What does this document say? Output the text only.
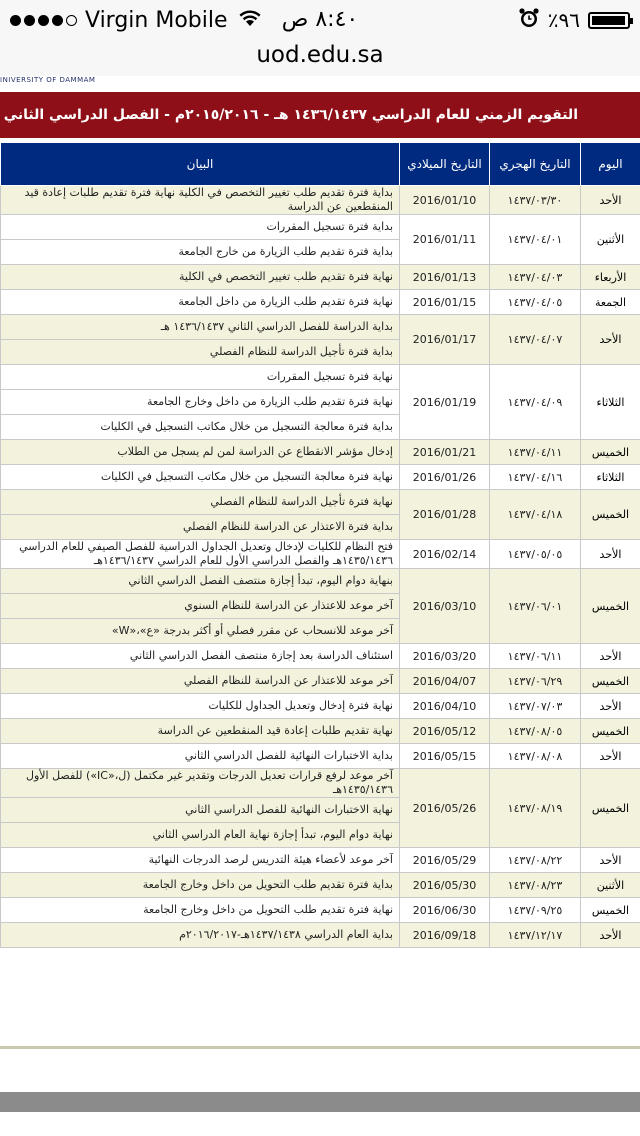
Virgin Mobile	٨:٤٠ ص	٪٩٦
uod.edu.sa
INIVERSITY OF DAMMAM
التقويم الزمني للعام الدراسي ١٤٣٦/١٤٣٧ هـ - ٢٠١٥/٢٠١٦م - الفصل الدراسي الثاني
اليوم	التاريخ الهجري	التاريخ الميلادي	البيان
الأحد	١٤٣٧/٠٣/٣٠	2016/01/10	بداية فترة تقديم طلب تغيير التخصص في الكلية نهاية فترة تقديم طلبات إعادة قيد المنقطعين عن الدراسة
الأثنين	١٤٣٧/٠٤/٠١	2016/01/11	بداية فترة تسجيل المقررات
			بداية فترة تقديم طلب الزيارة من خارج الجامعة
الأربعاء	١٤٣٧/٠٤/٠٣	2016/01/13	نهاية فترة تقديم طلب تغيير التخصص في الكلية
الجمعة	١٤٣٧/٠٤/٠٥	2016/01/15	نهاية فترة تقديم طلب الزيارة من داخل الجامعة
الأحد	١٤٣٧/٠٤/٠٧	2016/01/17	بداية الدراسة للفصل الدراسي الثاني ١٤٣٦/١٤٣٧ هـ
			بداية فترة تأجيل الدراسة للنظام الفصلي
الثلاثاء	١٤٣٧/٠٤/٠٩	2016/01/19	نهاية فترة تسجيل المقررات
			نهاية فترة تقديم طلب الزيارة من داخل وخارج الجامعة
			بداية فترة معالجة التسجيل من خلال مكاتب التسجيل في الكليات
الخميس	١٤٣٧/٠٤/١١	2016/01/21	إدخال مؤشر الانقطاع عن الدراسة لمن لم يسجل من الطلاب
الثلاثاء	١٤٣٧/٠٤/١٦	2016/01/26	نهاية فترة معالجة التسجيل من خلال مكاتب التسجيل في الكليات
الخميس	١٤٣٧/٠٤/١٨	2016/01/28	نهاية فترة تأجيل الدراسة للنظام الفصلي
			بداية فترة الاعتذار عن الدراسة للنظام الفصلي
الأحد	١٤٣٧/٠٥/٠٥	2016/02/14	فتح النظام للكليات لإدخال وتعديل الجداول الدراسية للفصل الصيفي للعام الدراسي ١٤٣٥/١٤٣٦هـ والفصل الدراسي الأول للعام الدراسي ١٤٣٦/١٤٣٧هـ
الخميس	١٤٣٧/٠٦/٠١	2016/03/10	بنهاية دوام اليوم، تبدأ إجازة منتصف الفصل الدراسي الثاني
			آخر موعد للاعتذار عن الدراسة للنظام السنوي
			آخر موعد للانسحاب عن مقرر فصلي أو أكثر بدرجة «ع»،«W»
الأحد	١٤٣٧/٠٦/١١	2016/03/20	استئناف الدراسة بعد إجازة منتصف الفصل الدراسي الثاني
الخميس	١٤٣٧/٠٦/٢٩	2016/04/07	آخر موعد للاعتذار عن الدراسة للنظام الفصلي
الأحد	١٤٣٧/٠٧/٠٣	2016/04/10	نهاية فترة إدخال وتعديل الجداول للكليات
الخميس	١٤٣٧/٠٨/٠٥	2016/05/12	نهاية تقديم طلبات إعادة قيد المنقطعين عن الدراسة
الأحد	١٤٣٧/٠٨/٠٨	2016/05/15	بداية الاختبارات النهائية للفصل الدراسي الثاني
الخميس	١٤٣٧/٠٨/١٩	2016/05/26	آخر موعد لرفع قرارات تعديل الدرجات وتقدير غير مكتمل (ل،«IC») للفصل الأول ١٤٣٥/١٤٣٦هـ
			نهاية الاختبارات النهائية للفصل الدراسي الثاني
			نهاية دوام اليوم، تبدأ إجازة نهاية العام الدراسي الثاني
الأحد	١٤٣٧/٠٨/٢٢	2016/05/29	آخر موعد لأعضاء هيئة التدريس لرصد الدرجات النهائية
الأثنين	١٤٣٧/٠٨/٢٣	2016/05/30	بداية فترة تقديم طلب التحويل من داخل وخارج الجامعة
الخميس	١٤٣٧/٠٩/٢٥	2016/06/30	نهاية فترة تقديم طلب التحويل من داخل وخارج الجامعة
الأحد	١٤٣٧/١٢/١٧	2016/09/18	بداية العام الدراسي ١٤٣٧/١٤٣٨هـ-٢٠١٦/٢٠١٧م
